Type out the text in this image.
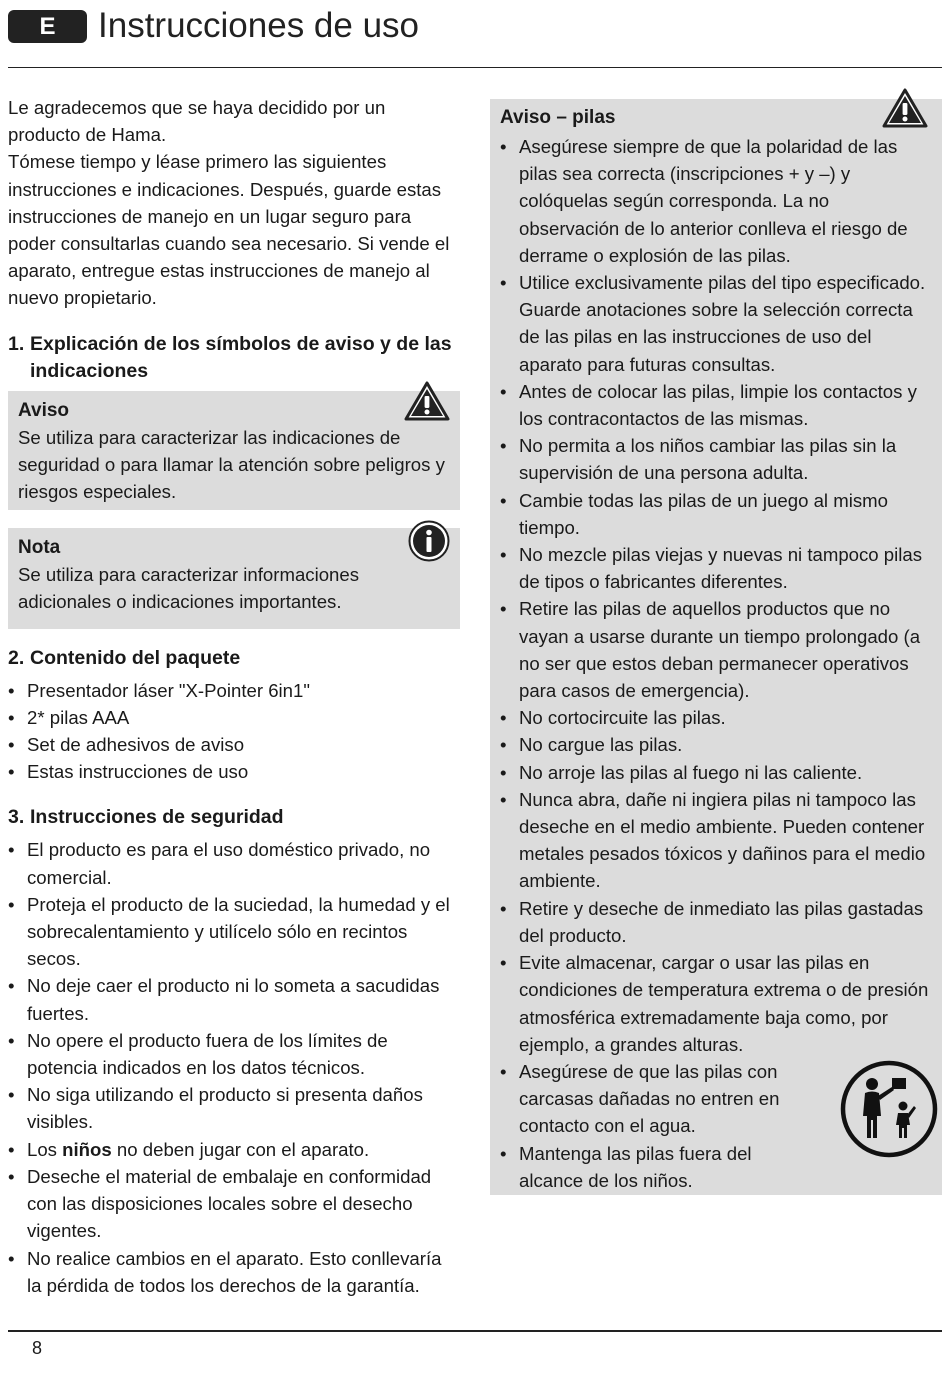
E	Instrucciones de uso

Le agradecemos que se haya decidido por un producto de Hama.

Tómese tiempo y léase primero las siguientes instrucciones e indicaciones. Después, guarde estas instrucciones de manejo en un lugar seguro para poder consultarlas cuando sea necesario. Si vende el aparato, entregue estas instrucciones de manejo al nuevo propietario.

1. Explicación de los símbolos de aviso y de las
indicaciones
Aviso

Se utiliza para caracterizar las indicaciones de seguridad o para llamar la atención sobre peligros y riesgos especiales.

Nota

Se utiliza para caracterizar informaciones adicionales o indicaciones importantes.

2. Contenido del paquete
• Presentador láser "X-Pointer 6in1"
• 2* pilas AAA
• Set de adhesivos de aviso
• Estas instrucciones de uso
3. Instrucciones de seguridad
• El producto es para el uso doméstico privado, no comercial.
• Proteja el producto de la suciedad, la humedad y el sobrecalentamiento y utilícelo sólo en recintos secos.
• No deje caer el producto ni lo someta a sacudidas fuertes.
• No opere el producto fuera de los límites de potencia indicados en los datos técnicos.
• No siga utilizando el producto si presenta daños visibles.
• Los niños no deben jugar con el aparato.
• Deseche el material de embalaje en conformidad con las disposiciones locales sobre el desecho vigentes.
• No realice cambios en el aparato. Esto conllevaría la pérdida de todos los derechos de la garantía.
Aviso – pilas
• Asegúrese siempre de que la polaridad de las pilas sea correcta (inscripciones + y –) y colóquelas según corresponda. La no observación de lo anterior conlleva el riesgo de derrame o explosión de las pilas.
• Utilice exclusivamente pilas del tipo especificado. Guarde anotaciones sobre la selección correcta de las pilas en las instrucciones de uso del aparato para futuras consultas.
• Antes de colocar las pilas, limpie los contactos y los contracontactos de las mismas.
• No permita a los niños cambiar las pilas sin la supervisión de una persona adulta.
• Cambie todas las pilas de un juego al mismo tiempo.
• No mezcle pilas viejas y nuevas ni tampoco pilas de tipos o fabricantes diferentes.
• Retire las pilas de aquellos productos que no vayan a usarse durante un tiempo prolongado (a no ser que estos deban permanecer operativos para casos de emergencia).
• No cortocircuite las pilas.
• No cargue las pilas.
• No arroje las pilas al fuego ni las caliente.
• Nunca abra, dañe ni ingiera pilas ni tampoco las deseche en el medio ambiente. Pueden contener metales pesados tóxicos y dañinos para el medio ambiente.
• Retire y deseche de inmediato las pilas gastadas del producto.
• Evite almacenar, cargar o usar las pilas en condiciones de temperatura extrema o de presión atmosférica extremadamente baja como, por ejemplo, a grandes alturas.
• Asegúrese de que las pilas con carcasas dañadas no entren en contacto con el agua.
• Mantenga las pilas fuera del alcance de los niños.
8
